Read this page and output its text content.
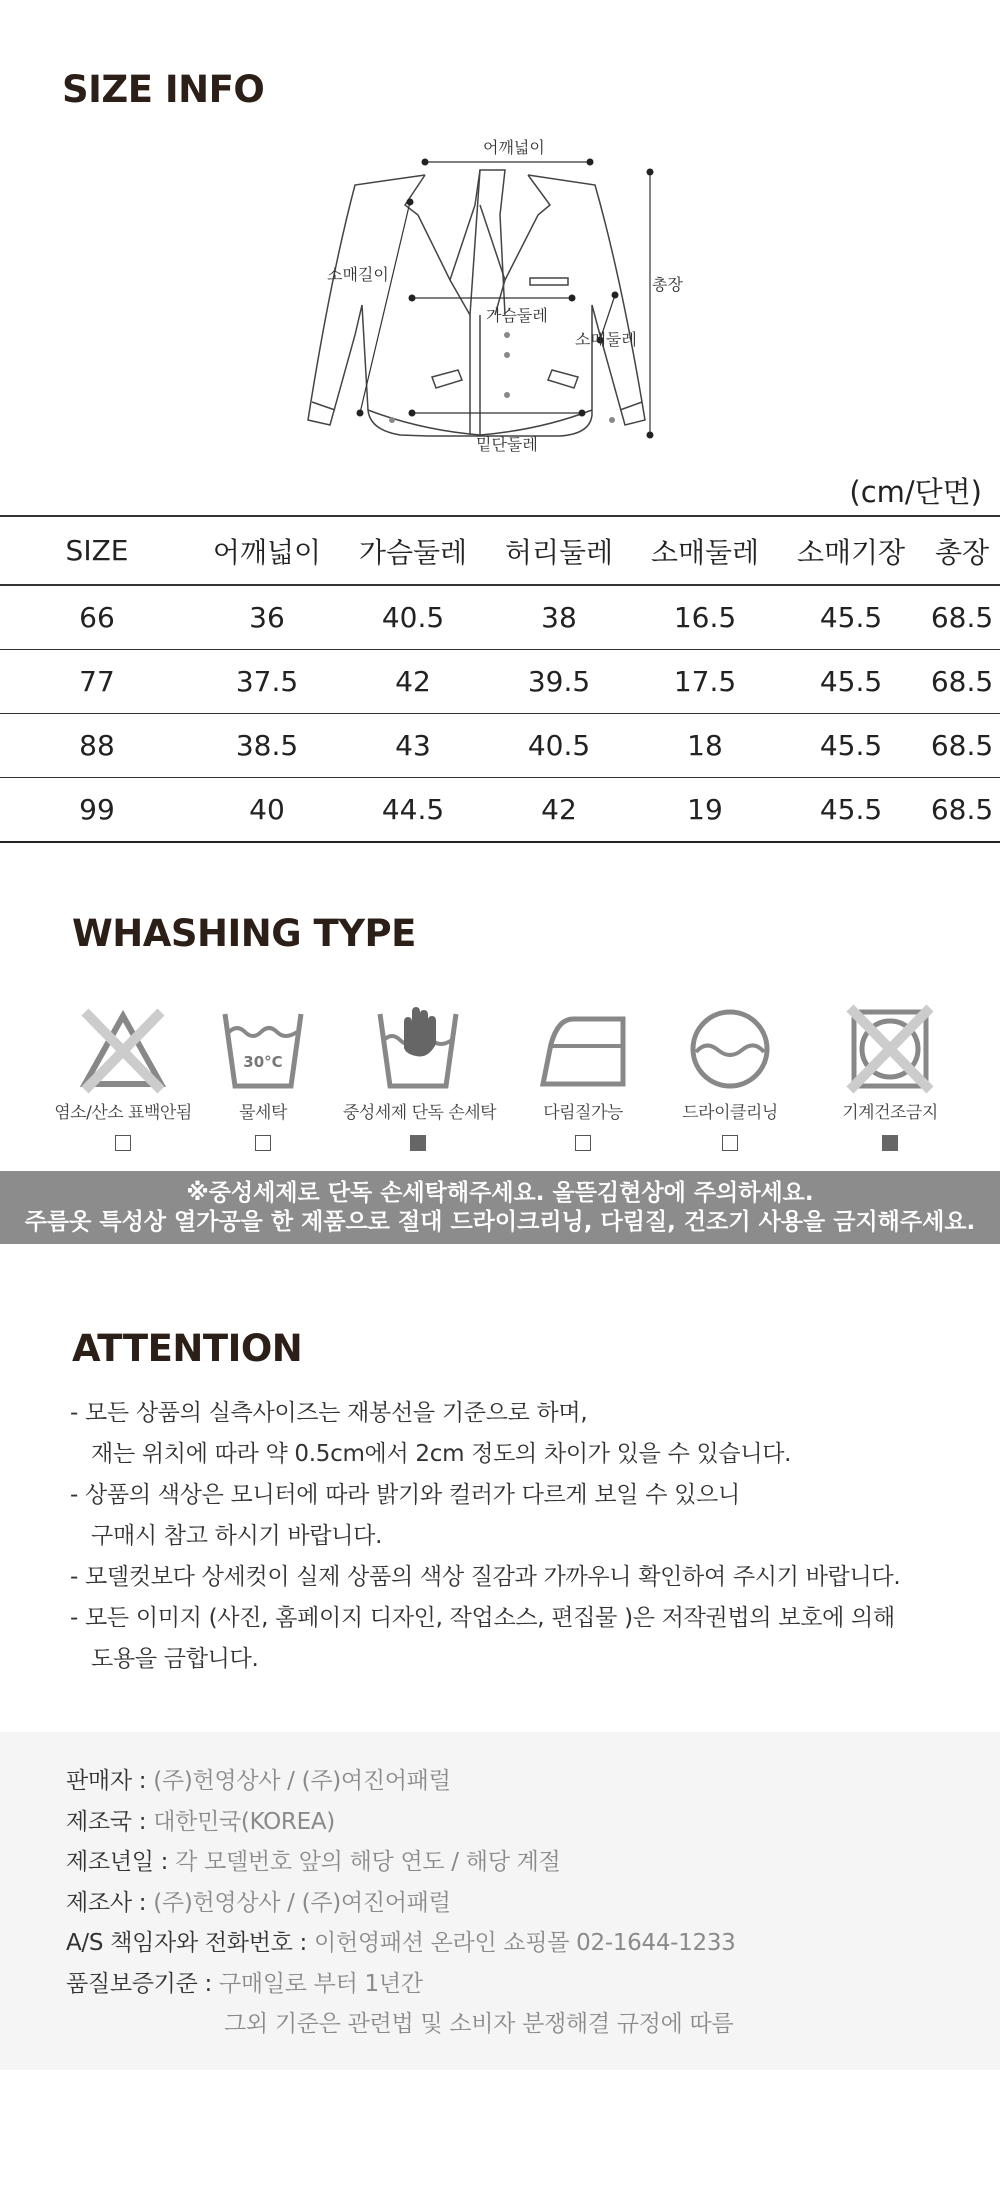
SIZE INFO
어깨넓이
소매길이
가슴둘레
소매둘레
밑단둘레
총장
(cm/단면)
SIZE	어깨넓이	가슴둘레	허리둘레	소매둘레	소매기장	총장
66	36	40.5	38	16.5	45.5	68.5
77	37.5	42	39.5	17.5	45.5	68.5
88	38.5	43	40.5	18	45.5	68.5
99	40	44.5	42	19	45.5	68.5
WHASHING TYPE
염소/산소 표백안됨
30°C
물세탁	중성세제 단독 손세탁	다림질가능	드라이클리닝	기계건조금지
※중성세제로 단독 손세탁해주세요. 올뜯김현상에 주의하세요.
주름옷 특성상 열가공을 한 제품으로 절대 드라이크리닝, 다림질, 건조기 사용을 금지해주세요.
ATTENTION
- 모든 상품의 실측사이즈는 재봉선을 기준으로 하며,
재는 위치에 따라 약 0.5cm에서 2cm 정도의 차이가 있을 수 있습니다.
- 상품의 색상은 모니터에 따라 밝기와 컬러가 다르게 보일 수 있으니
구매시 참고 하시기 바랍니다.
- 모델컷보다 상세컷이 실제 상품의 색상 질감과 가까우니 확인하여 주시기 바랍니다.
- 모든 이미지 (사진, 홈페이지 디자인, 작업소스, 편집물 )은 저작권법의 보호에 의해
도용을 금합니다.
판매자 : (주)헌영상사 / (주)여진어패럴
제조국 : 대한민국(KOREA)
제조년일 : 각 모델번호 앞의 해당 연도 / 해당 계절
제조사 : (주)헌영상사 / (주)여진어패럴
A/S 책임자와 전화번호 : 이헌영패션 온라인 쇼핑몰 02-1644-1233
품질보증기준 : 구매일로 부터 1년간
그외 기준은 관련법 및 소비자 분쟁해결 규정에 따름
